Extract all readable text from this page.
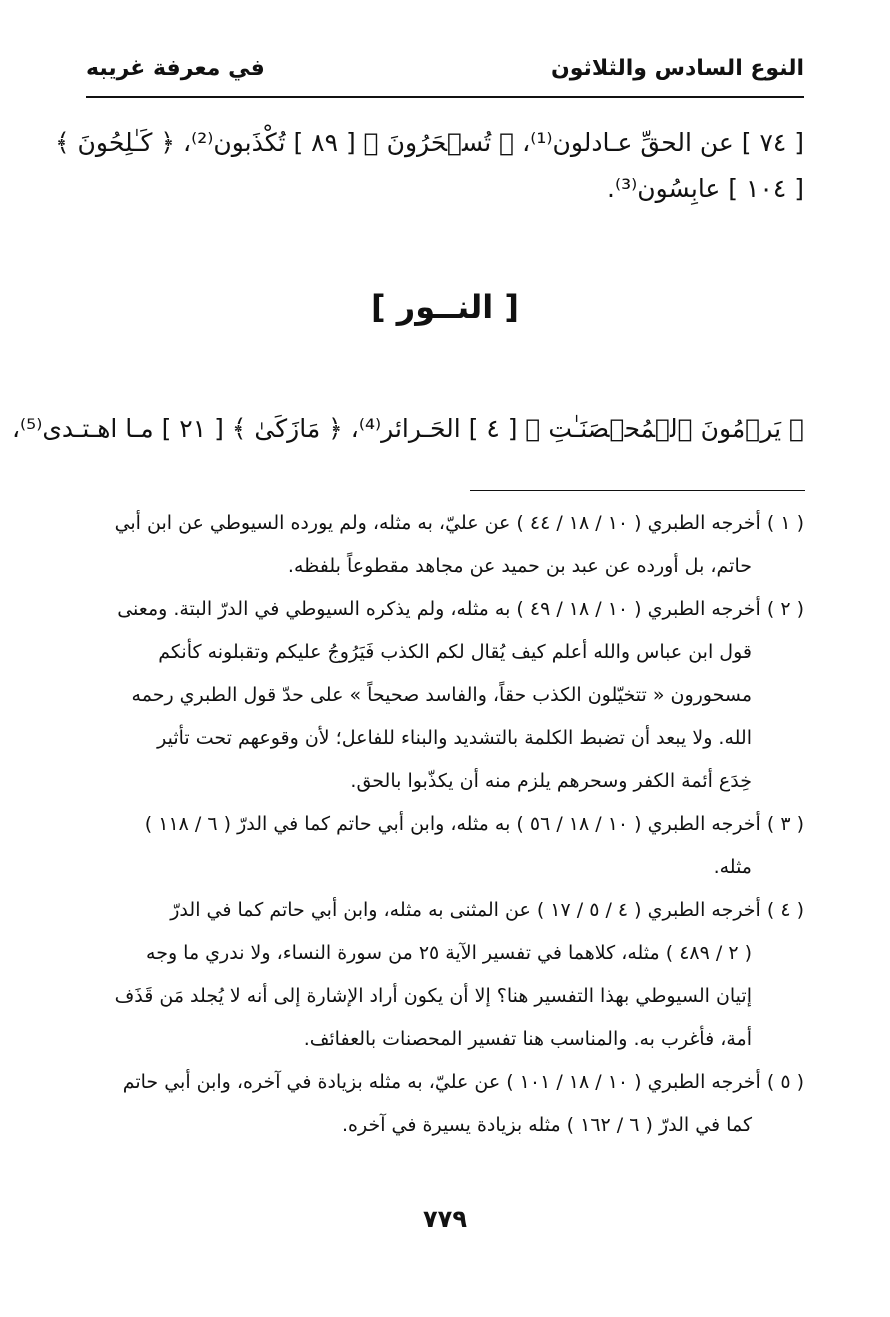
النوع السادس والثلاثون
في معرفة غريبه
[ ٧٤ ] عن الحقِّ عـادلون⁽¹⁾، ﴿ تُسۡحَرُونَ ﴾ [ ٨٩ ] تُكْذَبون⁽²⁾، ﴿ كَـٰلِحُونَ ﴾
[ ١٠٤ ] عابِسُون⁽³⁾.
[ النــور ]
﴿ يَرۡمُونَ ٱلۡمُحۡصَنَـٰتِ ﴾ [ ٤ ] الحَـرائر⁽⁴⁾، ﴿ مَازَكَىٰ ﴾ [ ٢١ ] مـا اهـتـدى⁽⁵⁾،
( ١ ) أخرجه الطبري ( ١٠ / ١٨ / ٤٤ ) عن عليّ، به مثله، ولم يورده السيوطي عن ابن أبي
حاتم، بل أورده عن عبد بن حميد عن مجاهد مقطوعاً بلفظه.
( ٢ ) أخرجه الطبري ( ١٠ / ١٨ / ٤٩ ) به مثله، ولم يذكره السيوطي في الدرّ البتة. ومعنى
قول ابن عباس والله أعلم كيف يُقال لكم الكذب فَيَرُوجُ عليكم وتقبلونه كأنكم
مسحورون « تتخيّلون الكذب حقاً، والفاسد صحيحاً » على حدّ قول الطبري رحمه
الله. ولا يبعد أن تضبط الكلمة بالتشديد والبناء للفاعل؛ لأن وقوعهم تحت تأثير
خِدَع أئمة الكفر وسحرهم يلزم منه أن يكذّبوا بالحق.
( ٣ ) أخرجه الطبري ( ١٠ / ١٨ / ٥٦ ) به مثله، وابن أبي حاتم كما في الدرّ ( ٦ / ١١٨ )
مثله.
( ٤ ) أخرجه الطبري ( ٤ / ٥ / ١٧ ) عن المثنى به مثله، وابن أبي حاتم كما في الدرّ
( ٢ / ٤٨٩ ) مثله، كلاهما في تفسير الآية ٢٥ من سورة النساء، ولا ندري ما وجه
إتيان السيوطي بهذا التفسير هنا؟ إلا أن يكون أراد الإشارة إلى أنه لا يُجلد مَن قَذَف
أمة، فأغرب به. والمناسب هنا تفسير المحصنات بالعفائف.
( ٥ ) أخرجه الطبري ( ١٠ / ١٨ / ١٠١ ) عن عليّ، به مثله بزيادة في آخره، وابن أبي حاتم
كما في الدرّ ( ٦ / ١٦٢ ) مثله بزيادة يسيرة في آخره.
٧٧٩
